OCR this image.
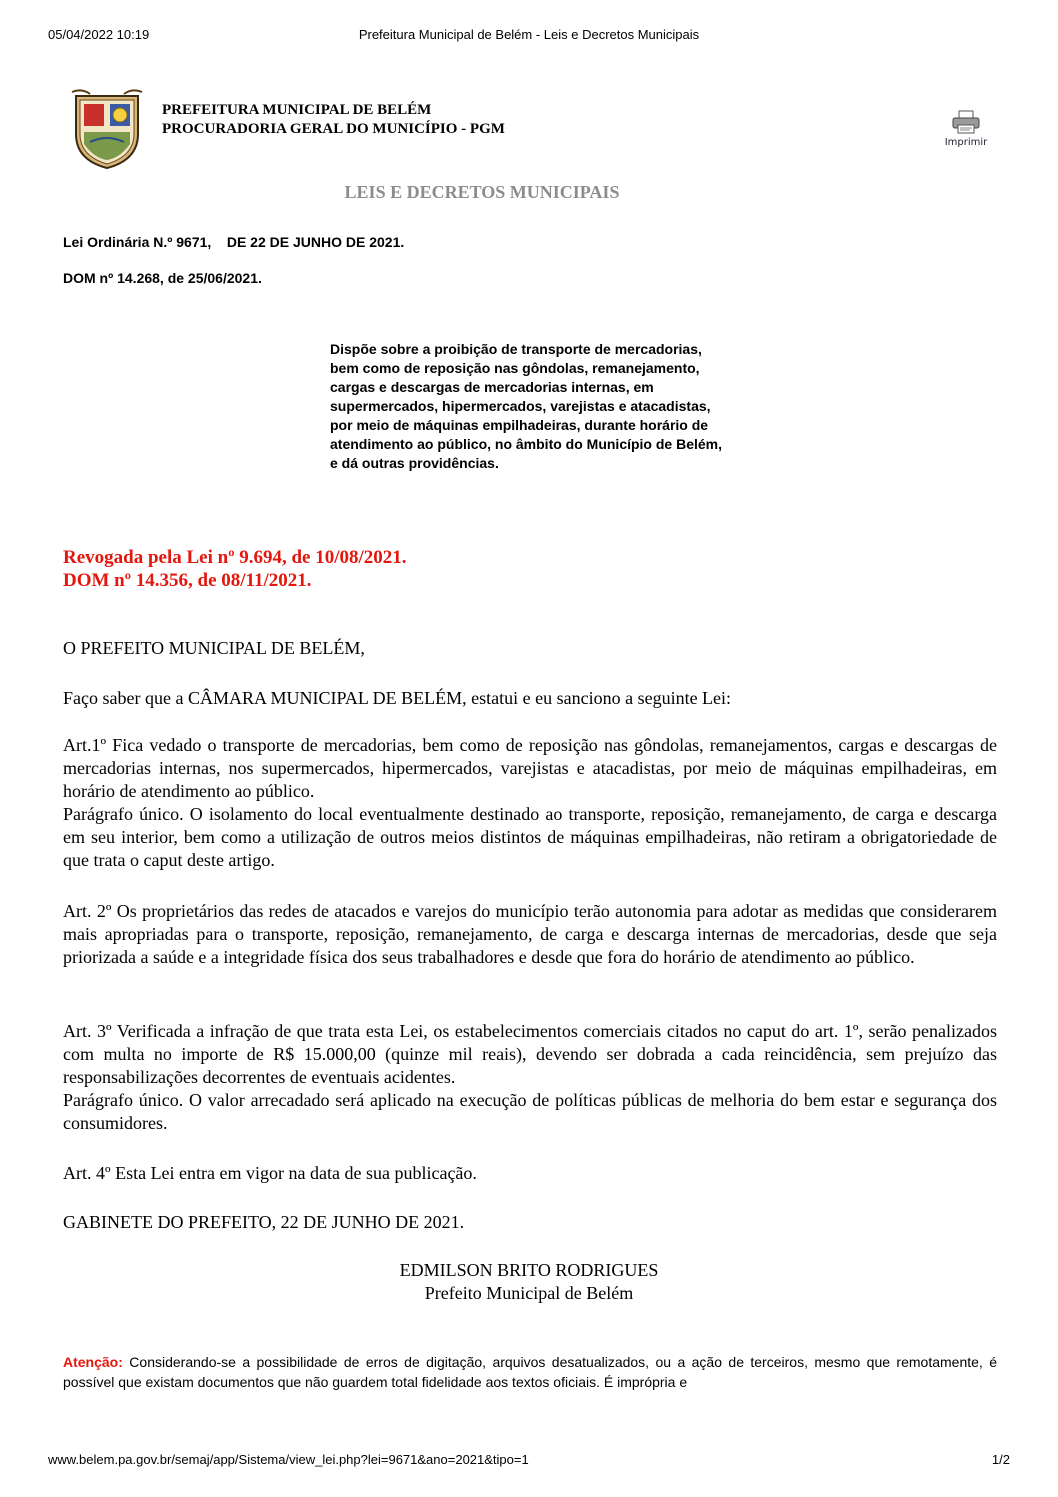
05/04/2022 10:19	Prefeitura Municipal de Belém - Leis e Decretos Municipais
PREFEITURA MUNICIPAL DE BELÉM
PROCURADORIA GERAL DO MUNICÍPIO - PGM
Imprimir
LEIS E DECRETOS MUNICIPAIS
Lei Ordinária N.º 9671,    DE 22 DE JUNHO DE 2021.
DOM nº 14.268, de 25/06/2021.
Dispõe sobre a proibição de transporte de mercadorias, bem como de reposição nas gôndolas, remanejamento, cargas e descargas de mercadorias internas, em supermercados, hipermercados, varejistas e atacadistas, por meio de máquinas empilhadeiras, durante horário de atendimento ao público, no âmbito do Município de Belém, e dá outras providências.
Revogada pela Lei nº 9.694, de 10/08/2021.
DOM nº 14.356, de 08/11/2021.
O PREFEITO MUNICIPAL DE BELÉM,
Faço saber que a CÂMARA MUNICIPAL DE BELÉM, estatui e eu sanciono a seguinte Lei:

Art.1º Fica vedado o transporte de mercadorias, bem como de reposição nas gôndolas, remanejamentos, cargas e descargas de mercadorias internas, nos supermercados, hipermercados, varejistas e atacadistas, por meio de máquinas empilhadeiras, em horário de atendimento ao público.

Parágrafo único. O isolamento do local eventualmente destinado ao transporte, reposição, remanejamento, de carga e descarga em seu interior, bem como a utilização de outros meios distintos de máquinas empilhadeiras, não retiram a obrigatoriedade de que trata o caput deste artigo.

Art. 2º Os proprietários das redes de atacados e varejos do município terão autonomia para adotar as medidas que considerarem mais apropriadas para o transporte, reposição, remanejamento, de carga e descarga internas de mercadorias, desde que seja priorizada a saúde e a integridade física dos seus trabalhadores e desde que fora do horário de atendimento ao público.

Art. 3º Verificada a infração de que trata esta Lei, os estabelecimentos comerciais citados no caput do art. 1º, serão penalizados com multa no importe de R$ 15.000,00 (quinze mil reais), devendo ser dobrada a cada reincidência, sem prejuízo das responsabilizações decorrentes de eventuais acidentes.

Parágrafo único. O valor arrecadado será aplicado na execução de políticas públicas de melhoria do bem estar e segurança dos consumidores.

Art. 4º Esta Lei entra em vigor na data de sua publicação.
GABINETE DO PREFEITO, 22 DE JUNHO DE 2021.
EDMILSON BRITO RODRIGUES
Prefeito Municipal de Belém
Atenção: Considerando-se a possibilidade de erros de digitação, arquivos desatualizados, ou a ação de terceiros, mesmo que remotamente, é possível que existam documentos que não guardem total fidelidade aos textos oficiais. É imprópria e
www.belem.pa.gov.br/semaj/app/Sistema/view_lei.php?lei=9671&ano=2021&tipo=1	1/2
